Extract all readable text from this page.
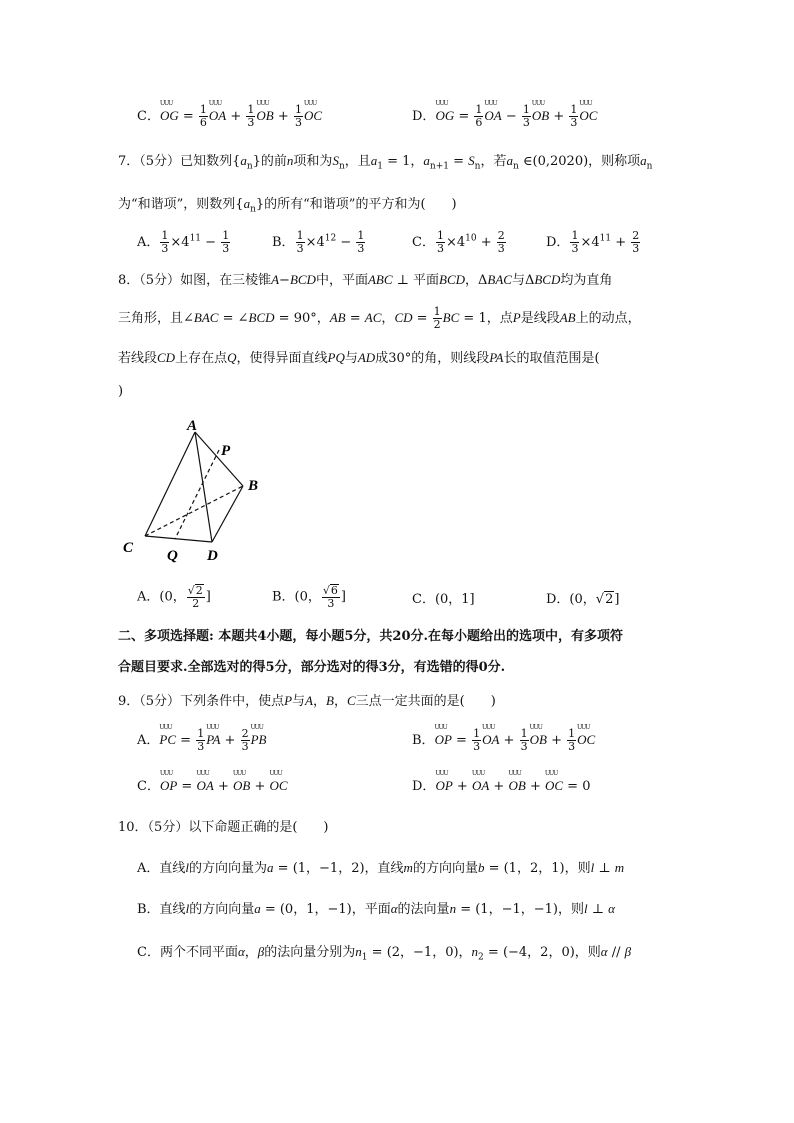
C．UUU OG = $\frac{1}{6}$ UUU OA + $\frac{1}{3}$ UUU OB + $\frac{1}{3}$ UUU OC	D．UUU OG = $\frac{1}{6}$ UUU OA − $\frac{1}{3}$ UUU OB + $\frac{1}{3}$ UUU OC
7．（5分）已知数列$\{a_n\}$的前n项和为$S_n$，且$a_1 = 1$，$a_{n+1} = S_n$，若$a_n$ ∈(0,2020)，则称项$a_n$
为“和谐项”，则数列$\{a_n\}$的所有“和谐项”的平方和为(　　)
A． $\frac{1}{3} \times 4^{11} - \frac{1}{3}$	B． $\frac{1}{3} \times 4^{12} - \frac{1}{3}$	C． $\frac{1}{3} \times 4^{10} + \frac{2}{3}$	D． $\frac{1}{3} \times 4^{11} + \frac{2}{3}$
8．（5分）如图，在三棱锥A−BCD中，平面ABC ⊥ 平面BCD，ΔBAC与ΔBCD均为直角
三角形，且∠BAC = ∠BCD = 90°，AB = AC，CD = $\frac{1}{2}$ BC = 1，点P是线段AB上的动点，
若线段CD上存在点Q，使得异面直线PQ与AD成30°的角，则线段PA长的取值范围是(
)
A
P
B
C Q D
A．(0， $\frac{√2}{2}$ ]	B．(0， $\frac{√6}{3}$ ]	C．(0，1]	D．(0，√2]
二、多项选择题: 本题共4小题，每小题5分，共20分.在每小题给出的选项中，有多项符
合题目要求.全部选对的得5分，部分选对的得3分，有选错的得0分.
9．（5分）下列条件中，使点P与A，B，C三点一定共面的是(　　)
A．UUU PC = $\frac{1}{3}$ UUU PA + $\frac{2}{3}$ UUU PB	B．UUU OP = $\frac{1}{3}$ UUU OA + $\frac{1}{3}$ UUU OB + $\frac{1}{3}$ UUU OC
C．UUU OP = UUU OA + UUU OB + UUU OC	D．UUU OP + UUU OA + UUU OB + UUU OC = 0
10．（5分）以下命题正确的是(　　)
A．直线l的方向向量为a = (1，−1，2)，直线m的方向向量b = (1，2，1)，则l ⊥ m
B．直线l的方向向量a = (0，1，−1)，平面α的法向量n = (1，−1，−1)，则l ⊥ α
C．两个不同平面α，β的法向量分别为$n_1 = (2$，−1，0)，$n_2 = (-4$，2，0)，则α // β
